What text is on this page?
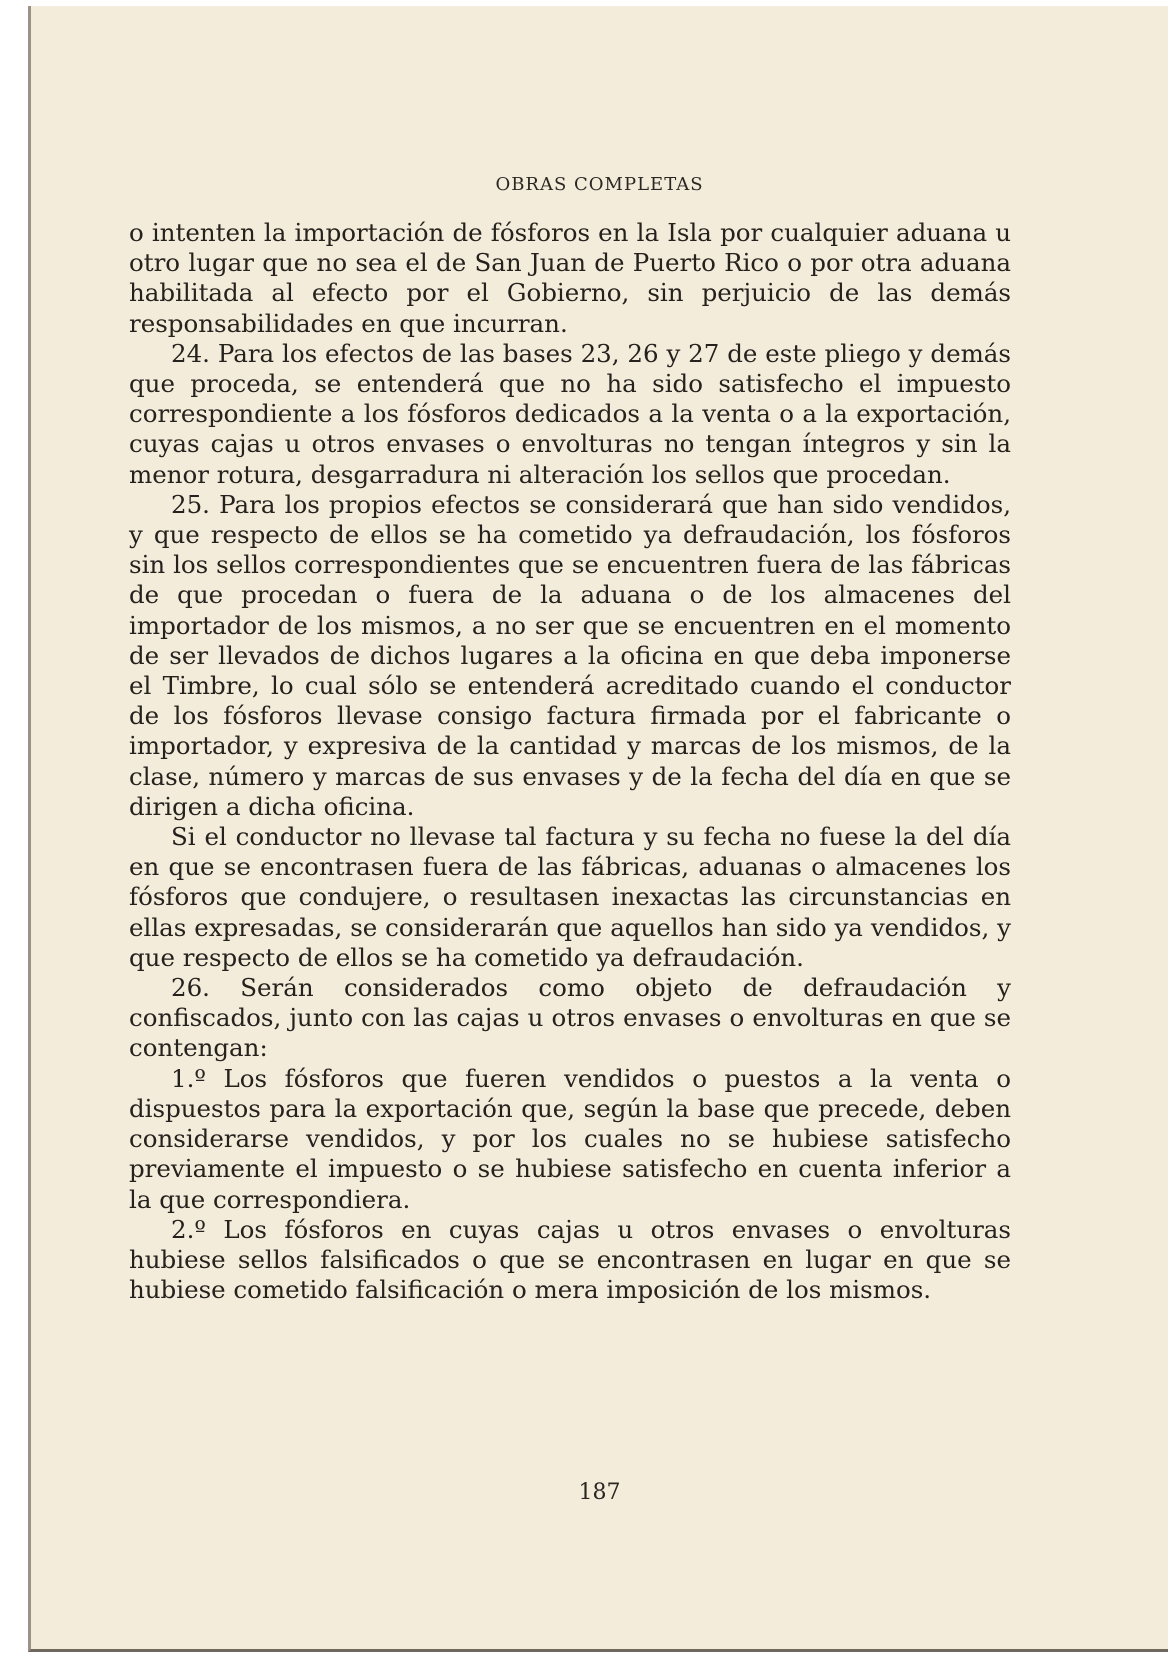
OBRAS COMPLETAS

o intenten la importación de fósforos en la Isla por cualquier aduana u otro lugar que no sea el de San Juan de Puerto Rico o por otra aduana habilitada al efecto por el Gobierno, sin perjuicio de las demás responsabilidades en que incurran.

24. Para los efectos de las bases 23, 26 y 27 de este pliego y demás que proceda, se entenderá que no ha sido satisfecho el impuesto correspondiente a los fósforos dedicados a la venta o a la exportación, cuyas cajas u otros envases o envolturas no tengan íntegros y sin la menor rotura, desgarradura ni alteración los sellos que procedan.

25. Para los propios efectos se considerará que han sido vendidos, y que respecto de ellos se ha cometido ya defraudación, los fósforos sin los sellos correspondientes que se encuentren fuera de las fábricas de que procedan o fuera de la aduana o de los almacenes del importador de los mismos, a no ser que se encuentren en el momento de ser llevados de dichos lugares a la oficina en que deba imponerse el Timbre, lo cual sólo se entenderá acreditado cuando el conductor de los fósforos llevase consigo factura firmada por el fabricante o importador, y expresiva de la cantidad y marcas de los mismos, de la clase, número y marcas de sus envases y de la fecha del día en que se dirigen a dicha oficina.

Si el conductor no llevase tal factura y su fecha no fuese la del día en que se encontrasen fuera de las fábricas, aduanas o almacenes los fósforos que condujere, o resultasen inexactas las circunstancias en ellas expresadas, se considerarán que aquellos han sido ya vendidos, y que respecto de ellos se ha cometido ya defraudación.

26. Serán considerados como objeto de defraudación y confiscados, junto con las cajas u otros envases o envolturas en que se contengan:

1.º Los fósforos que fueren vendidos o puestos a la venta o dispuestos para la exportación que, según la base que precede, deben considerarse vendidos, y por los cuales no se hubiese satisfecho previamente el impuesto o se hubiese satisfecho en cuenta inferior a la que correspondiera.

2.º Los fósforos en cuyas cajas u otros envases o envolturas hubiese sellos falsificados o que se encontrasen en lugar en que se hubiese cometido falsificación o mera imposición de los mismos.

187
